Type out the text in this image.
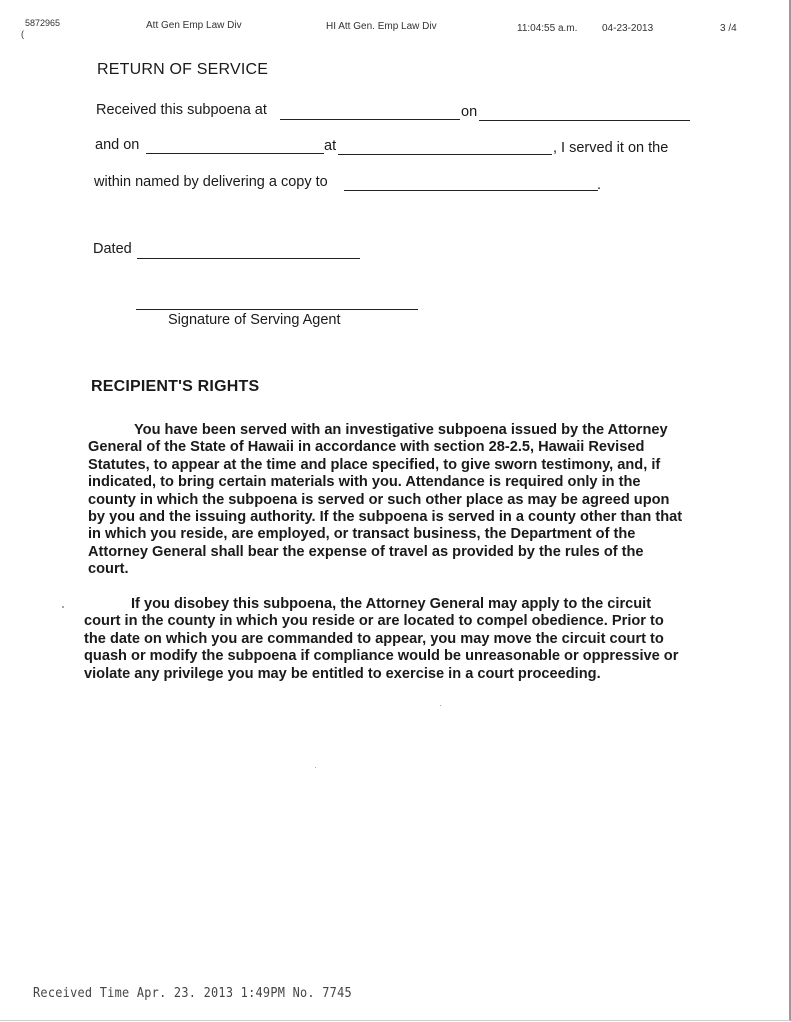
5872965
(
Att Gen Emp Law Div	HI Att Gen. Emp Law Div	11:04:55 a.m. 04-23-2013	3 /4
RETURN OF SERVICE
Received this subpoena at	on
and on	at	, I served it on the
within named by delivering a copy to	.
Dated
Signature of Serving Agent
RECIPIENT'S RIGHTS

You have been served with an investigative subpoena issued by the Attorney General of the State of Hawaii in accordance with section 28-2.5, Hawaii Revised Statutes, to appear at the time and place specified, to give sworn testimony, and, if indicated, to bring certain materials with you. Attendance is required only in the county in which the subpoena is served or such other place as may be agreed upon by you and the issuing authority. If the subpoena is served in a county other than that in which you reside, are employed, or transact business, the Department of the Attorney General shall bear the expense of travel as provided by the rules of the court.

If you disobey this subpoena, the Attorney General may apply to the circuit court in the county in which you reside or are located to compel obedience. Prior to the date on which you are commanded to appear, you may move the circuit court to quash or modify the subpoena if compliance would be unreasonable or oppressive or violate any privilege you may be entitled to exercise in a court proceeding.

Received Time Apr. 23. 2013 1:49PM No. 7745
